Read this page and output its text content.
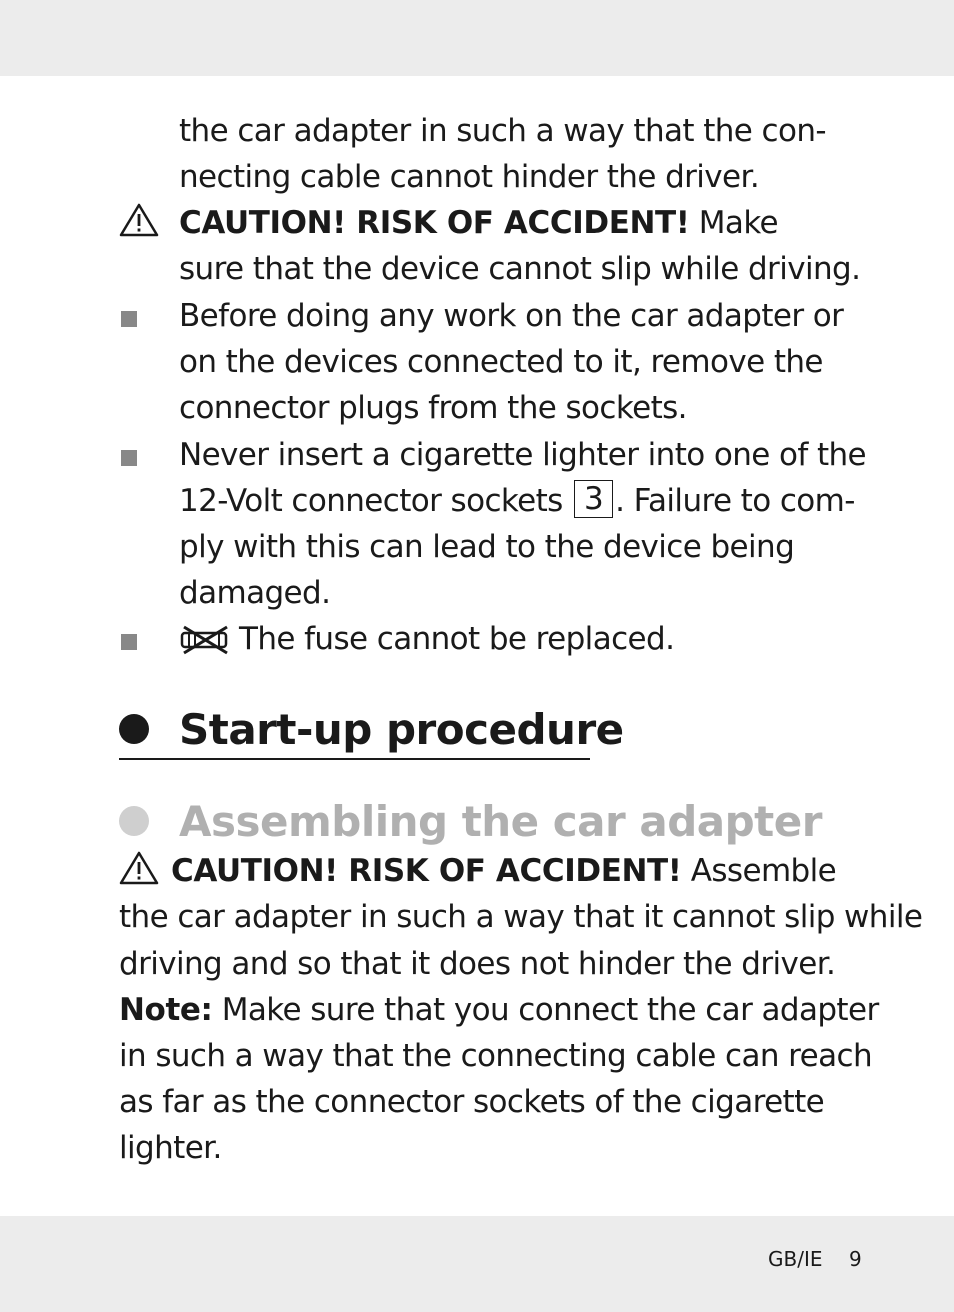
the car adapter in such a way that the con-
necting cable cannot hinder the driver.
CAUTION! RISK OF ACCIDENT! Make
sure that the device cannot slip while driving.
Before doing any work on the car adapter or
on the devices connected to it, remove the
connector plugs from the sockets.
Never insert a cigarette lighter into one of the
12-Volt connector sockets 3 . Failure to com-
ply with this can lead to the device being
damaged.
The fuse cannot be replaced.
Start-up procedure
Assembling the car adapter
CAUTION! RISK OF ACCIDENT! Assemble
the car adapter in such a way that it cannot slip while
driving and so that it does not hinder the driver.
Note: Make sure that you connect the car adapter
in such a way that the connecting cable can reach
as far as the connector sockets of the cigarette
lighter.
GB/IE 9
